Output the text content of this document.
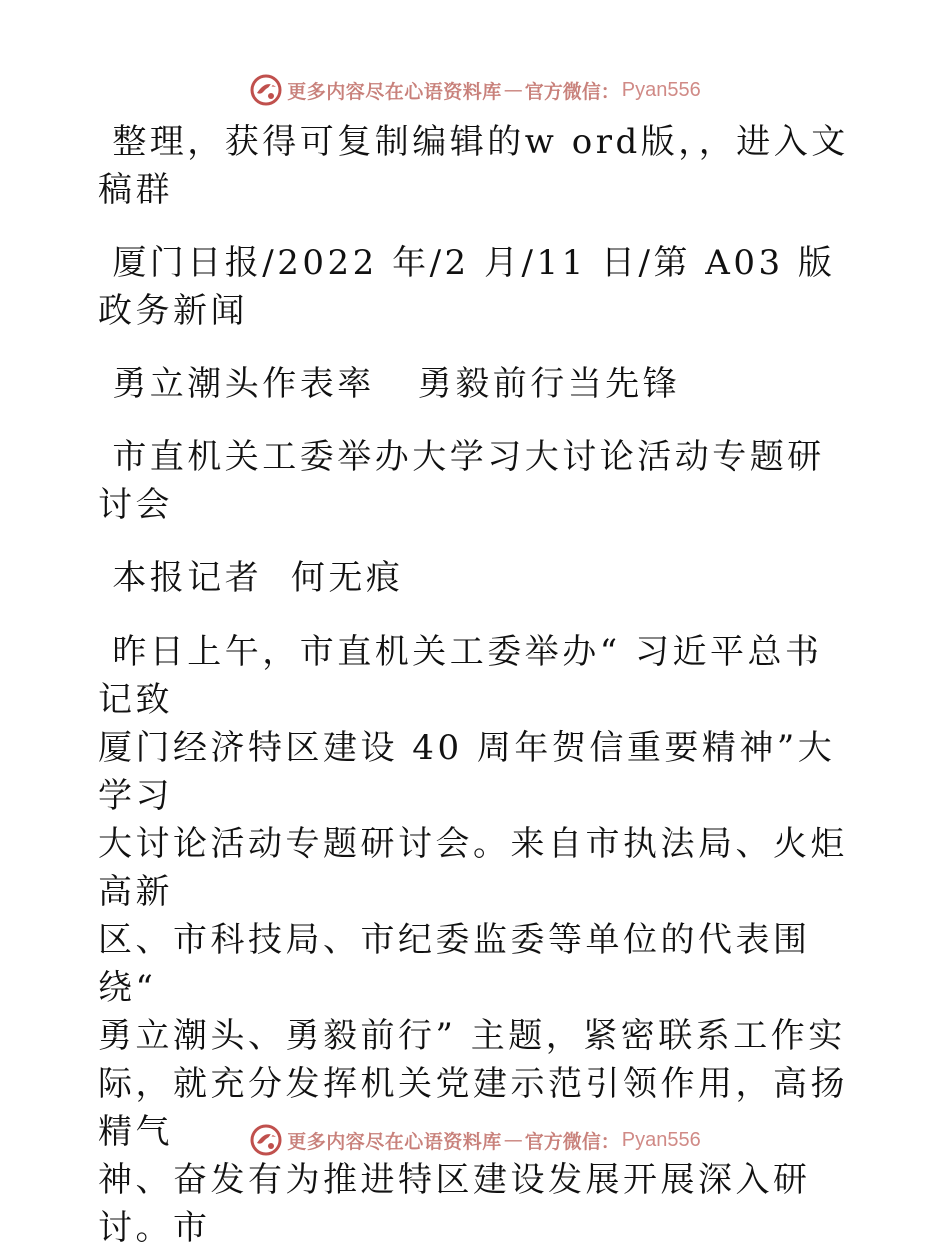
更多内容尽在心语资料库 — 官方微信： Pyan556

整理，获得可复制编辑的w ord版，，进入文稿群

厦门日报/2022 年/2 月/11 日/第 A03 版政务新闻

勇立潮头作表率   勇毅前行当先锋

市直机关工委举办大学习大讨论活动专题研讨会

本报记者  何无痕

昨日上午，市直机关工委举办“ 习近平总书记致

厦门经济特区建设 40 周年贺信重要精神”大学习

大讨论活动专题研讨会。来自市执法局、火炬高新

区、市科技局、市纪委监委等单位的代表围绕“

勇立潮头、勇毅前行” 主题，紧密联系工作实

际，就充分发挥机关党建示范引领作用，高扬精气

神、奋发有为推进特区建设发展开展深入研讨。市

更多内容尽在心语资料库 — 官方微信： Pyan556
